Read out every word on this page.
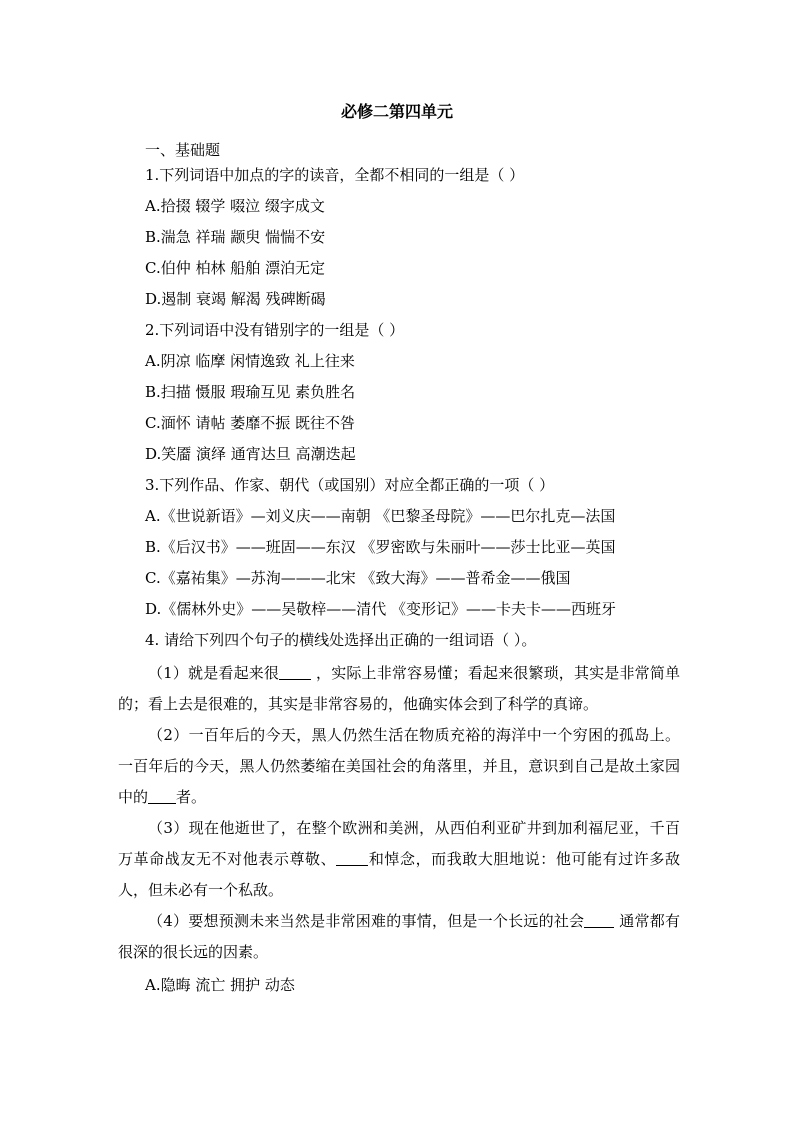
必修二第四单元
一、基础题
1.下列词语中加点的字的读音，全都不相同的一组是（ ）
A.拾掇 辍学 啜泣 缀字成文
B.湍急 祥瑞 颛臾 惴惴不安
C.伯仲 柏林 船舶 漂泊无定
D.遏制 衰竭 解渴 残碑断碣
2.下列词语中没有错别字的一组是（ ）
A.阴凉 临摩 闲情逸致 礼上往来
B.扫描 慑服 瑕瑜互见 素负胜名
C.湎怀 请帖 萎靡不振 既往不咎
D.笑靥 演绎 通宵达旦 高潮迭起
3.下列作品、作家、朝代（或国别）对应全都正确的一项（ ）
A.《世说新语》—刘义庆——南朝 《巴黎圣母院》——巴尔扎克—法国
B.《后汉书》——班固——东汉 《罗密欧与朱丽叶——莎士比亚—英国
C.《嘉祐集》—苏洵———北宋 《致大海》——普希金——俄国
D.《儒林外史》——吴敬梓——清代 《变形记》——卡夫卡——西班牙
4. 请给下列四个句子的横线处选择出正确的一组词语（ ）。
（1）就是看起来很 ，实际上非常容易懂；看起来很繁琐，其实是非常简单的；看上去是很难的，其实是非常容易的，他确实体会到了科学的真谛。
（2）一百年后的今天，黑人仍然生活在物质充裕的海洋中一个穷困的孤岛上。一百年后的今天，黑人仍然萎缩在美国社会的角落里，并且，意识到自己是故土家园中的 者。
（3）现在他逝世了，在整个欧洲和美洲，从西伯利亚矿井到加利福尼亚，千百万革命战友无不对他表示尊敬、 和悼念，而我敢大胆地说：他可能有过许多敌人，但未必有一个私敌。
（4）要想预测未来当然是非常困难的事情，但是一个长远的社会 通常都有很深的很长远的因素。
A.隐晦 流亡 拥护 动态
